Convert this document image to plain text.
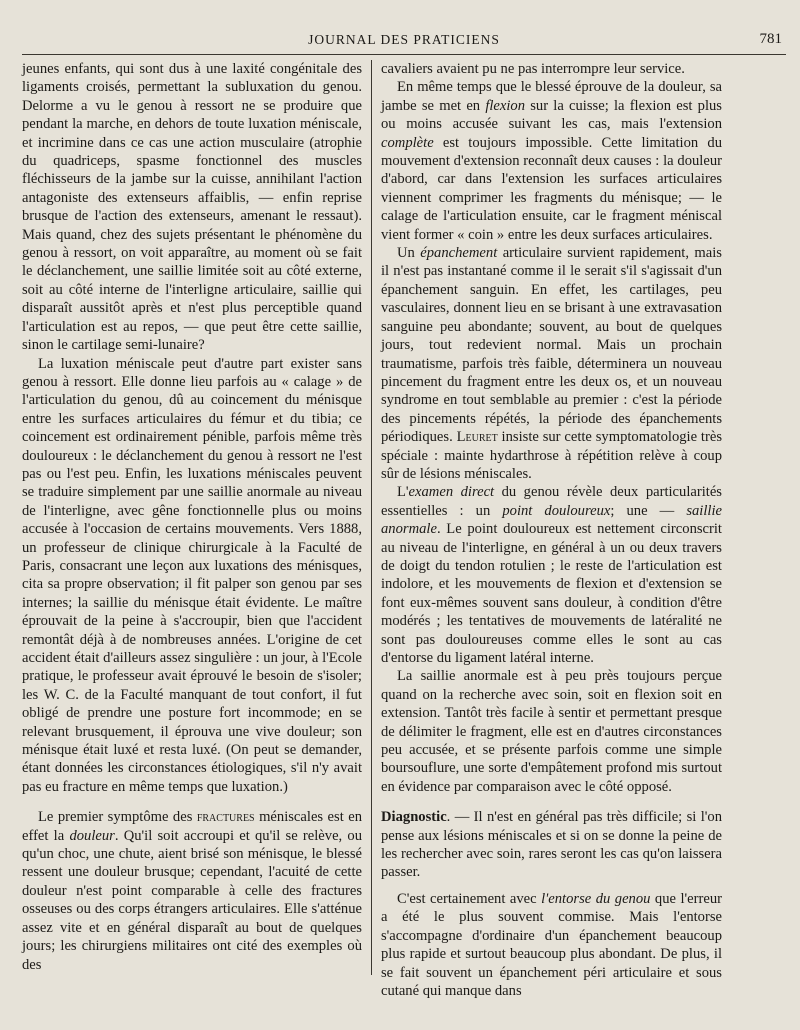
JOURNAL DES PRATICIENS	781

jeunes enfants, qui sont dus à une laxité congénitale des ligaments croisés, permettant la subluxation du genou. Delorme a vu le genou à ressort ne se produire que pendant la marche, en dehors de toute luxation méniscale, et incrimine dans ce cas une action musculaire (atrophie du quadriceps, spasme fonctionnel des muscles fléchisseurs de la jambe sur la cuisse, annihilant l'action antagoniste des extenseurs affaiblis, — enfin reprise brusque de l'action des extenseurs, amenant le ressaut). Mais quand, chez des sujets présentant le phénomène du genou à ressort, on voit apparaître, au moment où se fait le déclanchement, une saillie limitée soit au côté externe, soit au côté interne de l'interligne articulaire, saillie qui disparaît aussitôt après et n'est plus perceptible quand l'articulation est au repos, — que peut être cette saillie, sinon le cartilage semi-lunaire?

La luxation méniscale peut d'autre part exister sans genou à ressort. Elle donne lieu parfois au « calage » de l'articulation du genou, dû au coincement du ménisque entre les surfaces articulaires du fémur et du tibia; ce coincement est ordinairement pénible, parfois même très douloureux : le déclanchement du genou à ressort ne l'est pas ou l'est peu. Enfin, les luxations méniscales peuvent se traduire simplement par une saillie anormale au niveau de l'interligne, avec gêne fonctionnelle plus ou moins accusée à l'occasion de certains mouvements. Vers 1888, un professeur de clinique chirurgicale à la Faculté de Paris, consacrant une leçon aux luxations des ménisques, cita sa propre observation; il fit palper son genou par ses internes; la saillie du ménisque était évidente. Le maître éprouvait de la peine à s'accroupir, bien que l'accident remontât déjà à de nombreuses années. L'origine de cet accident était d'ailleurs assez singulière : un jour, à l'Ecole pratique, le professeur avait éprouvé le besoin de s'isoler; les W. C. de la Faculté manquant de tout confort, il fut obligé de prendre une posture fort incommode; en se relevant brusquement, il éprouva une vive douleur; son ménisque était luxé et resta luxé. (On peut se demander, étant données les circonstances étiologiques, s'il n'y avait pas eu fracture en même temps que luxation.)

Le premier symptôme des fractures méniscales est en effet la douleur. Qu'il soit accroupi et qu'il se relève, ou qu'un choc, une chute, aient brisé son ménisque, le blessé ressent une douleur brusque; cependant, l'acuité de cette douleur n'est point comparable à celle des fractures osseuses ou des corps étrangers articulaires. Elle s'atténue assez vite et en général disparaît au bout de quelques jours; les chirurgiens militaires ont cité des exemples où des

cavaliers avaient pu ne pas interrompre leur service.

En même temps que le blessé éprouve de la douleur, sa jambe se met en flexion sur la cuisse; la flexion est plus ou moins accusée suivant les cas, mais l'extension complète est toujours impossible. Cette limitation du mouvement d'extension reconnaît deux causes : la douleur d'abord, car dans l'extension les surfaces articulaires viennent comprimer les fragments du ménisque; — le calage de l'articulation ensuite, car le fragment méniscal vient former « coin » entre les deux surfaces articulaires.

Un épanchement articulaire survient rapidement, mais il n'est pas instantané comme il le serait s'il s'agissait d'un épanchement sanguin. En effet, les cartilages, peu vasculaires, donnent lieu en se brisant à une extravasation sanguine peu abondante; souvent, au bout de quelques jours, tout redevient normal. Mais un prochain traumatisme, parfois très faible, déterminera un nouveau pincement du fragment entre les deux os, et un nouveau syndrome en tout semblable au premier : c'est la période des pincements répétés, la période des épanchements périodiques. Leuret insiste sur cette symptomatologie très spéciale : mainte hydarthrose à répétition relève à coup sûr de lésions méniscales.

L'examen direct du genou révèle deux particularités essentielles : un point douloureux; une — saillie anormale. Le point douloureux est nettement circonscrit au niveau de l'interligne, en général à un ou deux travers de doigt du tendon rotulien ; le reste de l'articulation est indolore, et les mouvements de flexion et d'extension se font eux-mêmes souvent sans douleur, à condition d'être modérés ; les tentatives de mouvements de latéralité ne sont pas douloureuses comme elles le sont au cas d'entorse du ligament latéral interne.

La saillie anormale est à peu près toujours perçue quand on la recherche avec soin, soit en flexion soit en extension. Tantôt très facile à sentir et permettant presque de délimiter le fragment, elle est en d'autres circonstances peu accusée, et se présente parfois comme une simple boursouflure, une sorte d'empâtement profond mis surtout en évidence par comparaison avec le côté opposé.

Diagnostic. — Il n'est en général pas très difficile; si l'on pense aux lésions méniscales et si on se donne la peine de les rechercher avec soin, rares seront les cas qu'on laissera passer.

C'est certainement avec l'entorse du genou que l'erreur a été le plus souvent commise. Mais l'entorse s'accompagne d'ordinaire d'un épanchement beaucoup plus rapide et surtout beaucoup plus abondant. De plus, il se fait souvent un épanchement péri articulaire et sous cutané qui manque dans
